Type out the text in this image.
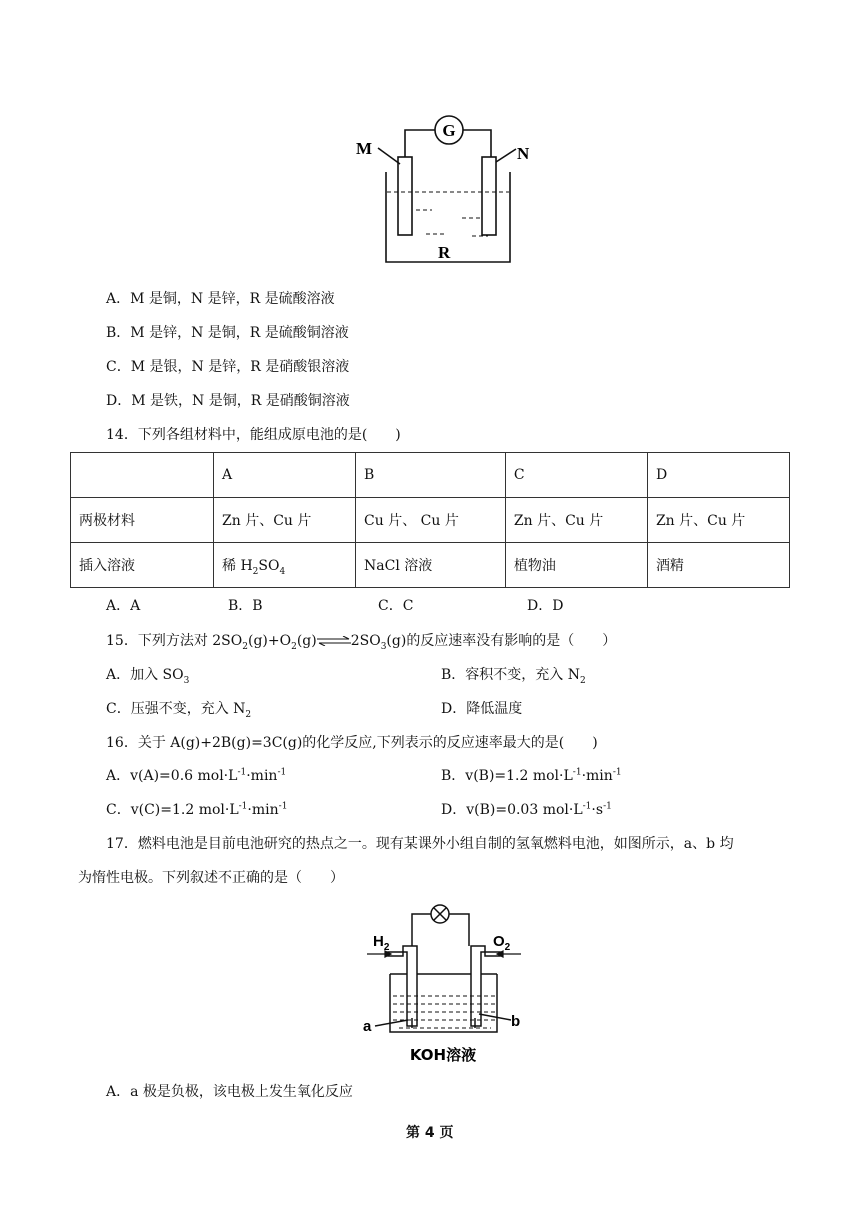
G
M	N
R
A．M 是铜，N 是锌，R 是硫酸溶液
B．M 是锌，N 是铜，R 是硫酸铜溶液
C．M 是银，N 是锌，R 是硝酸银溶液
D．M 是铁，N 是铜，R 是硝酸铜溶液
14．下列各组材料中，能组成原电池的是(　　)
	A	B	C	D
两极材料	Zn 片、Cu 片	Cu 片、 Cu 片	Zn 片、Cu 片	Zn 片、Cu 片
插入溶液	稀 $H_2SO_4$	NaCl 溶液	植物油	酒精
A．A	B．B	C．C	D．D
15．下列方法对 $2SO_2(g)+O_2(g)\rightleftharpoons 2SO_3(g)$的反应速率没有影响的是（　　）
A．加入 $SO_3$	B．容积不变，充入 $N_2$
C．压强不变，充入 $N_2$	D．降低温度
16．关于 A(g)+2B(g)=3C(g)的化学反应,下列表示的反应速率最大的是(　　)
A．v(A)=0.6 $mol\cdot L^{-1}\cdot\min^{-1}$	B．v(B)=1.2 $mol\cdot L^{-1}\cdot\min^{-1}$
C．v(C)=1.2 $mol\cdot L^{-1}\cdot\min^{-1}$	D．v(B)=0.03 $mol\cdot L^{-1}\cdot s^{-1}$
17．燃料电池是目前电池研究的热点之一。现有某课外小组自制的氢氧燃料电池，如图所示，a、b 均
为惰性电极。下列叙述不正确的是（　　）
$H_2$	$O_2$
a	b
KOH溶液
A．a 极是负极，该电极上发生氧化反应
第 4 页
